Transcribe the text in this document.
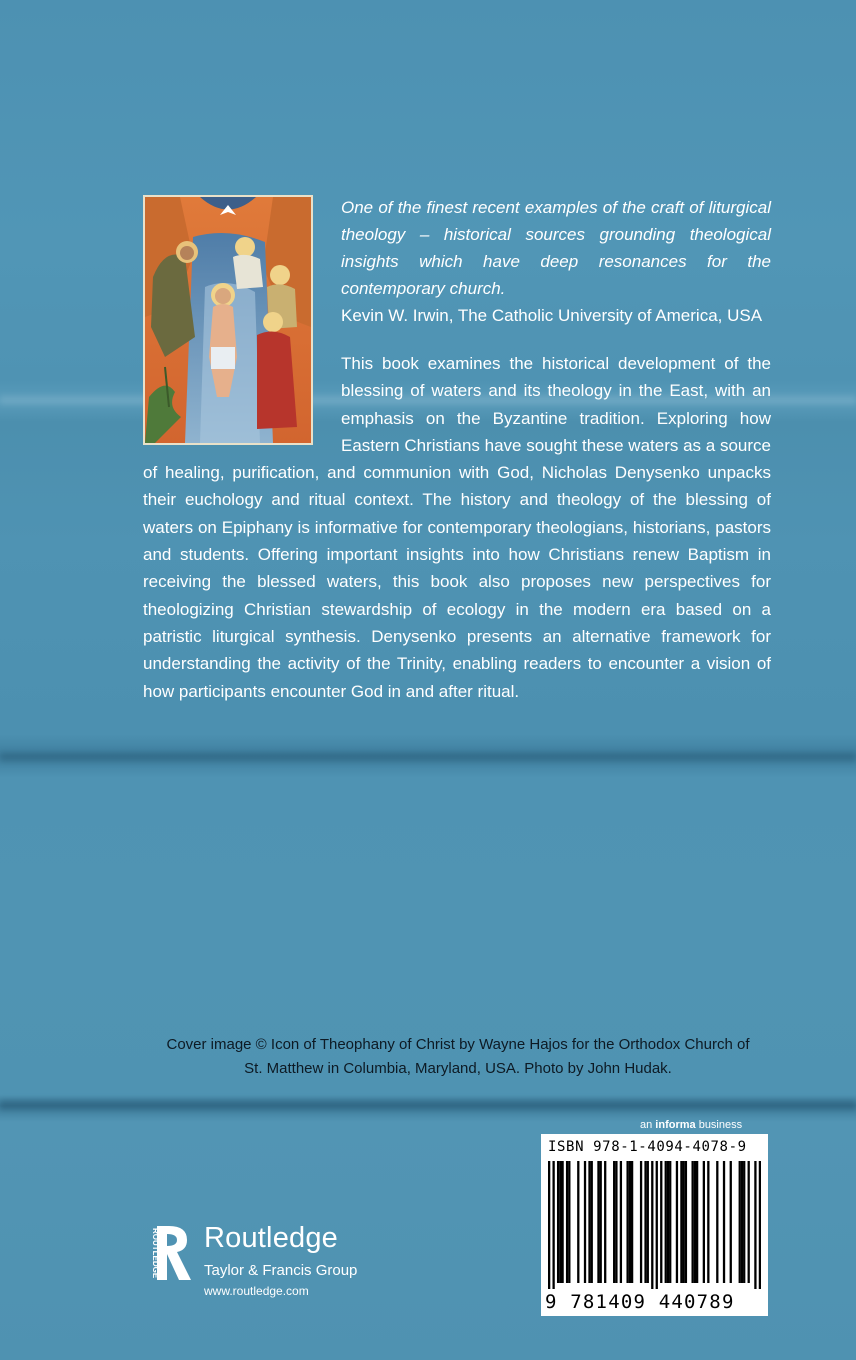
One of the finest recent examples of the craft of liturgical theology – historical sources grounding theological insights which have deep resonances for the contemporary church.
Kevin W. Irwin, The Catholic University of America, USA
This book examines the historical development of the blessing of waters and its theology in the East, with an emphasis on the Byzantine tradition. Exploring how Eastern Christians have sought these waters as a source of healing, purification, and communion with God, Nicholas Denysenko unpacks their euchology and ritual context. The history and theology of the blessing of waters on Epiphany is informative for contemporary theologians, historians, pastors and students. Offering important insights into how Christians renew Baptism in receiving the blessed waters, this book also proposes new perspectives for theologizing Christian stewardship of ecology in the modern era based on a patristic liturgical synthesis. Denysenko presents an alternative framework for understanding the activity of the Trinity, enabling readers to encounter a vision of how participants encounter God in and after ritual.
Cover image © Icon of Theophany of Christ by Wayne Hajos for the Orthodox Church of
St. Matthew in Columbia, Maryland, USA. Photo by John Hudak.
an informa business
ISBN 978-1-4094-4078-9
9 781409 440789
ROUTLEDGE Routledge
Taylor & Francis Group
www.routledge.com
